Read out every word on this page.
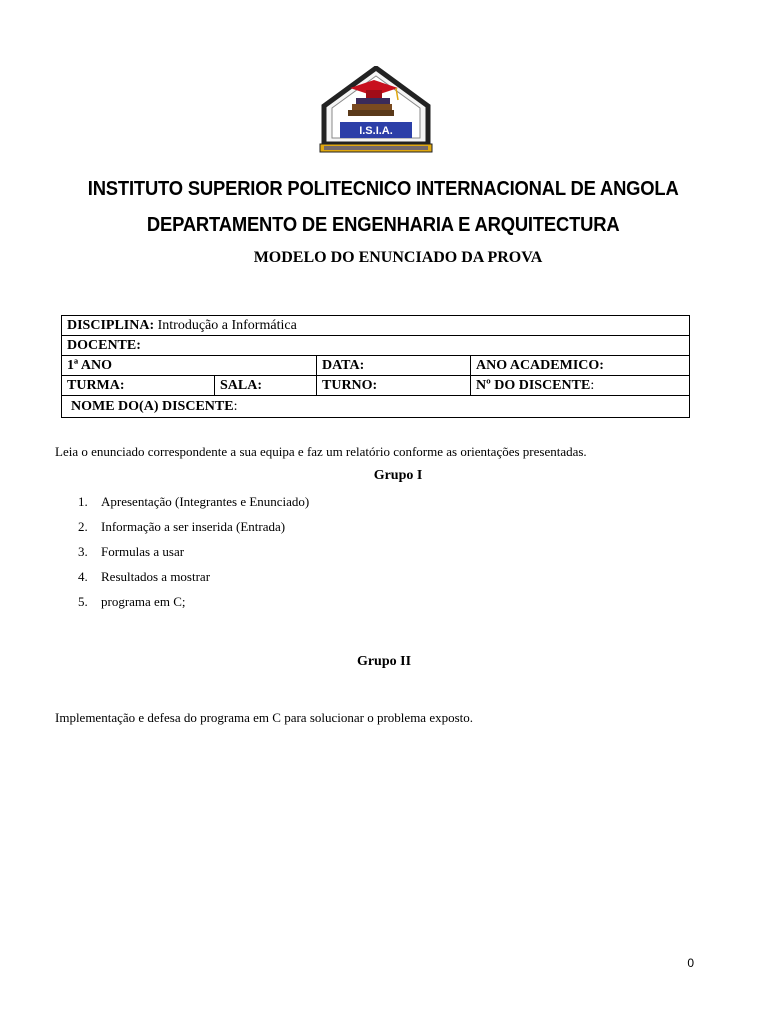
I.S.I.A.
INSTITUTO SUPERIOR POLITECNICO INTERNACIONAL DE ANGOLA
DEPARTAMENTO DE ENGENHARIA E ARQUITECTURA
MODELO DO ENUNCIADO DA PROVA
DISCIPLINA: Introdução a Informática			
DOCENTE:			
1ª ANO		DATA:	ANO ACADEMICO:
TURMA:	SALA:	TURNO:	Nº DO DISCENTE:
NOME DO(A) DISCENTE:			
Leia o enunciado correspondente a sua equipa e faz um relatório conforme as orientações presentadas.
Grupo I
1. Apresentação (Integrantes e Enunciado)
2. Informação a ser inserida (Entrada)
3. Formulas a usar
4. Resultados a mostrar
5. programa em C;
Grupo II
Implementação e defesa do programa em C para solucionar o problema exposto.
0
